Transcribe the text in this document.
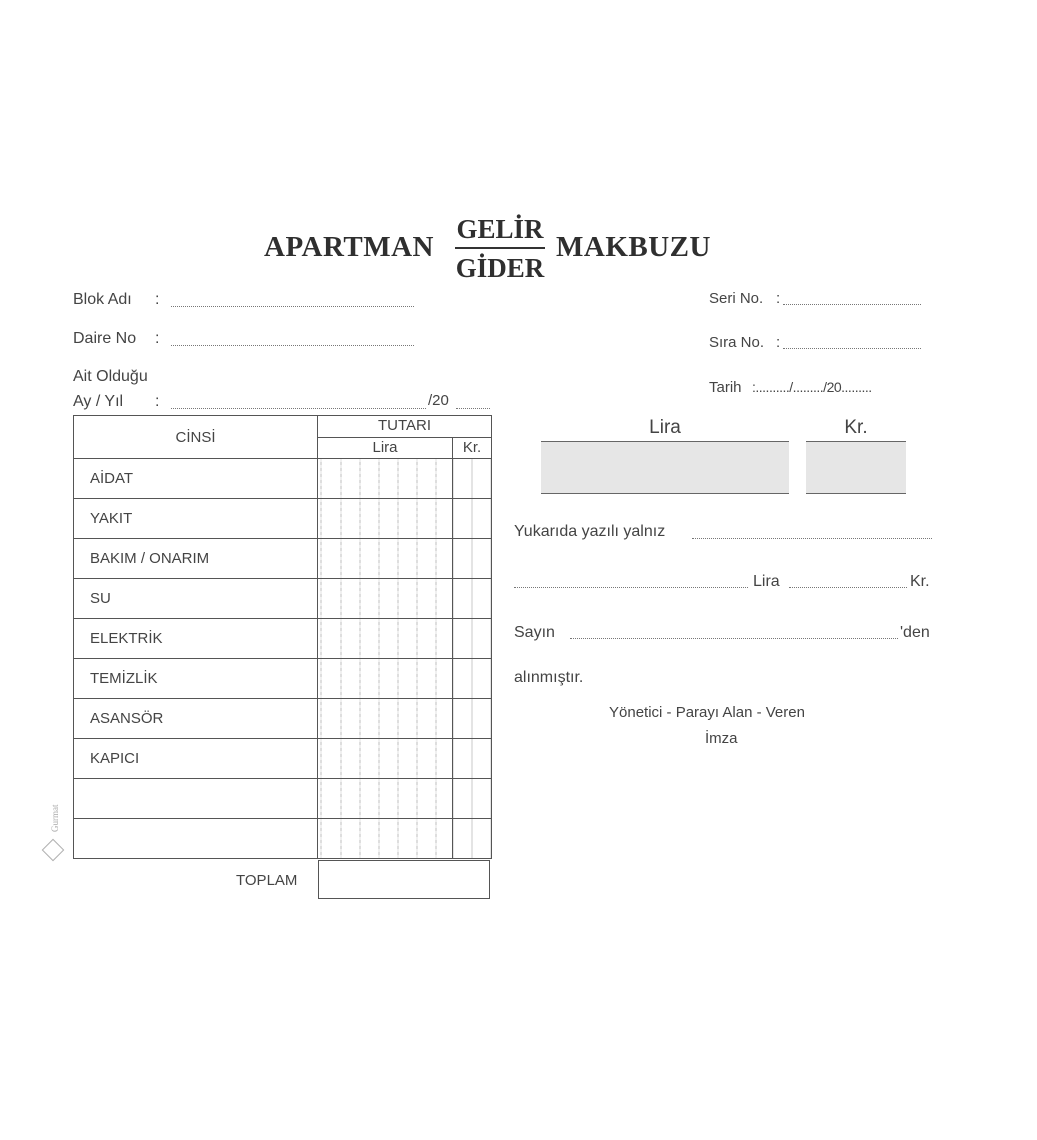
APARTMAN
GELİR
GİDER
MAKBUZU
Blok Adı :
Daire No :
Ait Olduğu
Ay / Yıl :	/20
Seri No. :
Sıra No. :
Tarih :........../........./20.........
CİNSİ	TUTARI	
	Lira	Kr.
AİDAT		
YAKIT		
BAKIM / ONARIM		
SU		
ELEKTRİK		
TEMİZLİK		
ASANSÖR		
KAPICI		

TOPLAM
Lira	Kr.
Yukarıda yazılı yalnız
Lira	Kr.
Sayın	'den
alınmıştır.
Yönetici - Parayı Alan - Veren
İmza
Gurmat
